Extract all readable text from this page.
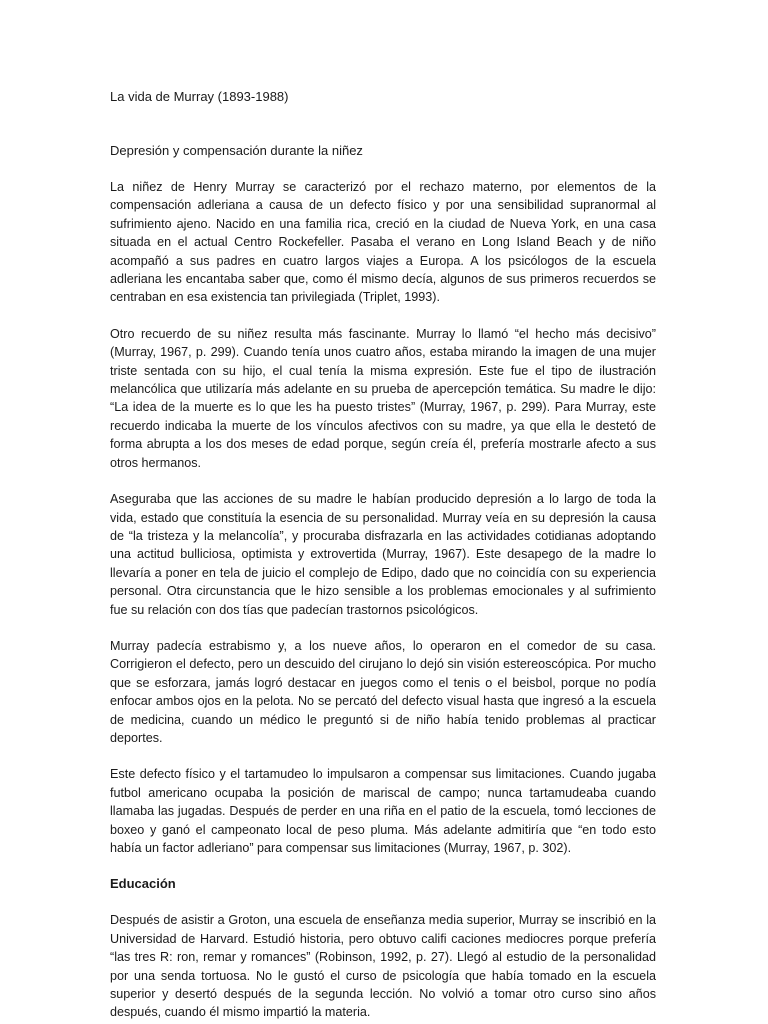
La vida de Murray (1893-1988)
Depresión y compensación durante la niñez

La niñez de Henry Murray se caracterizó por el rechazo materno, por elementos de la compensación adleriana a causa de un defecto físico y por una sensibilidad supranormal al sufrimiento ajeno. Nacido en una familia rica, creció en la ciudad de Nueva York, en una casa situada en el actual Centro Rockefeller. Pasaba el verano en Long Island Beach y de niño acompañó a sus padres en cuatro largos viajes a Europa. A los psicólogos de la escuela adleriana les encantaba saber que, como él mismo decía, algunos de sus primeros recuerdos se centraban en esa existencia tan privilegiada (Triplet, 1993).

Otro recuerdo de su niñez resulta más fascinante. Murray lo llamó “el hecho más decisivo” (Murray, 1967, p. 299). Cuando tenía unos cuatro años, estaba mirando la imagen de una mujer triste sentada con su hijo, el cual tenía la misma expresión. Este fue el tipo de ilustración melancólica que utilizaría más adelante en su prueba de apercepción temática. Su madre le dijo: “La idea de la muerte es lo que les ha puesto tristes” (Murray, 1967, p. 299). Para Murray, este recuerdo indicaba la muerte de los vínculos afectivos con su madre, ya que ella le destetó de forma abrupta a los dos meses de edad porque, según creía él, prefería mostrarle afecto a sus otros hermanos.

Aseguraba que las acciones de su madre le habían producido depresión a lo largo de toda la vida, estado que constituía la esencia de su personalidad. Murray veía en su depresión la causa de “la tristeza y la melancolía”, y procuraba disfrazarla en las actividades cotidianas adoptando una actitud bulliciosa, optimista y extrovertida (Murray, 1967). Este desapego de la madre lo llevaría a poner en tela de juicio el complejo de Edipo, dado que no coincidía con su experiencia personal. Otra circunstancia que le hizo sensible a los problemas emocionales y al sufrimiento fue su relación con dos tías que padecían trastornos psicológicos.

Murray padecía estrabismo y, a los nueve años, lo operaron en el comedor de su casa. Corrigieron el defecto, pero un descuido del cirujano lo dejó sin visión estereoscópica. Por mucho que se esforzara, jamás logró destacar en juegos como el tenis o el beisbol, porque no podía enfocar ambos ojos en la pelota. No se percató del defecto visual hasta que ingresó a la escuela de medicina, cuando un médico le preguntó si de niño había tenido problemas al practicar deportes.

Este defecto físico y el tartamudeo lo impulsaron a compensar sus limitaciones. Cuando jugaba futbol americano ocupaba la posición de mariscal de campo; nunca tartamudeaba cuando llamaba las jugadas. Después de perder en una riña en el patio de la escuela, tomó lecciones de boxeo y ganó el campeonato local de peso pluma. Más adelante admitiría que “en todo esto había un factor adleriano” para compensar sus limitaciones (Murray, 1967, p. 302).

Educación

Después de asistir a Groton, una escuela de enseñanza media superior, Murray se inscribió en la Universidad de Harvard. Estudió historia, pero obtuvo califi caciones mediocres porque prefería “las tres R: ron, remar y romances” (Robinson, 1992, p. 27). Llegó al estudio de la personalidad por una senda tortuosa. No le gustó el curso de psicología que había tomado en la escuela superior y desertó después de la segunda lección. No volvió a tomar otro curso sino años después, cuando él mismo impartió la materia.
